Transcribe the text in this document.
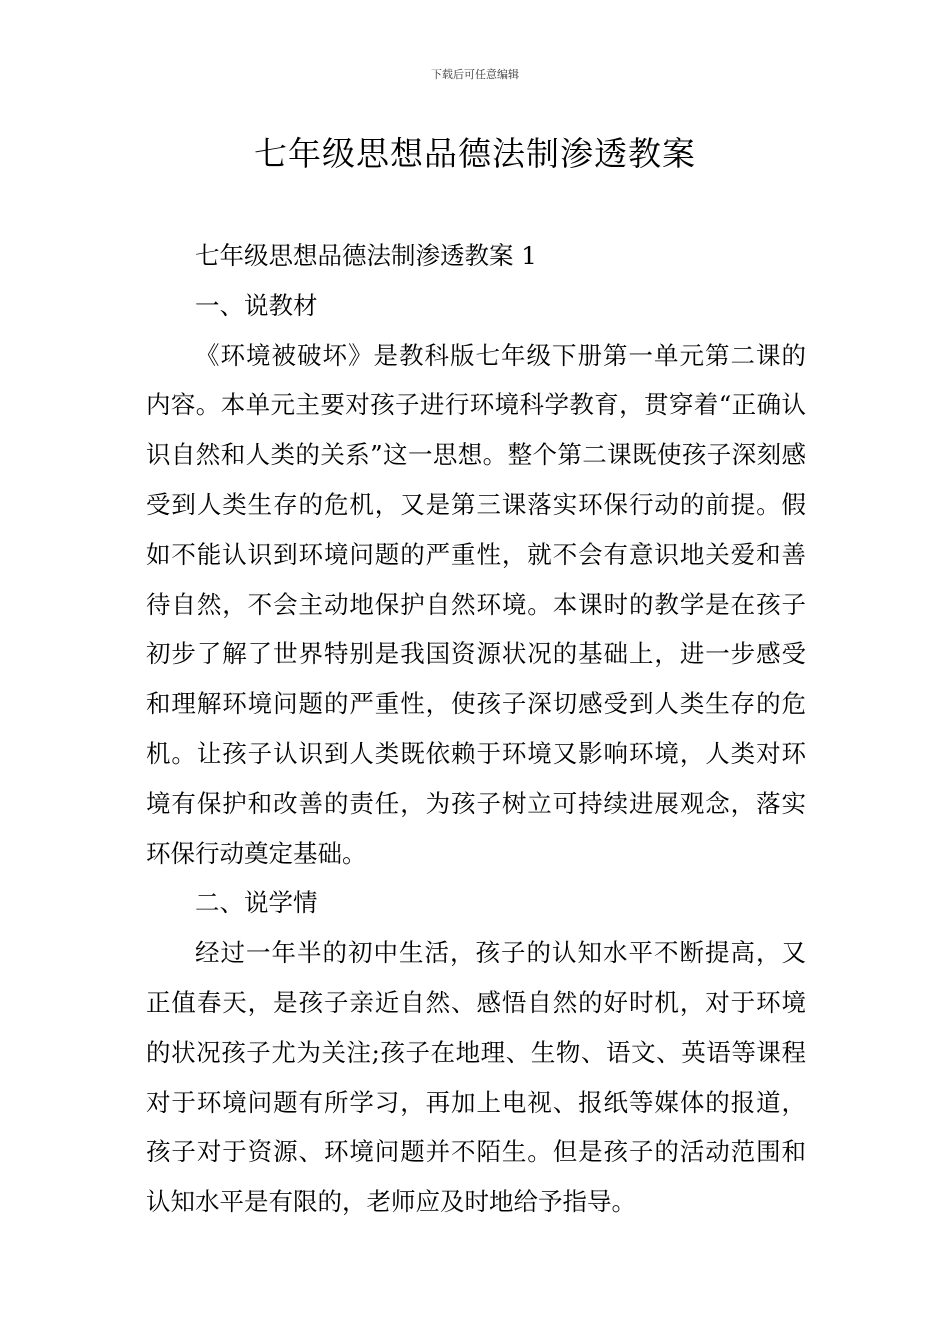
下载后可任意编辑
七年级思想品德法制渗透教案

七年级思想品德法制渗透教案 1

一、说教材

《环境被破坏》是教科版七年级下册第一单元第二课的内容。本单元主要对孩子进行环境科学教育，贯穿着“正确认识自然和人类的关系”这一思想。整个第二课既使孩子深刻感受到人类生存的危机，又是第三课落实环保行动的前提。假如不能认识到环境问题的严重性，就不会有意识地关爱和善待自然，不会主动地保护自然环境。本课时的教学是在孩子初步了解了世界特别是我国资源状况的基础上，进一步感受和理解环境问题的严重性，使孩子深切感受到人类生存的危机。让孩子认识到人类既依赖于环境又影响环境，人类对环境有保护和改善的责任，为孩子树立可持续进展观念，落实环保行动奠定基础。

二、说学情

经过一年半的初中生活，孩子的认知水平不断提高，又正值春天，是孩子亲近自然、感悟自然的好时机，对于环境的状况孩子尤为关注;孩子在地理、生物、语文、英语等课程对于环境问题有所学习，再加上电视、报纸等媒体的报道，孩子对于资源、环境问题并不陌生。但是孩子的活动范围和认知水平是有限的，老师应及时地给予指导。
